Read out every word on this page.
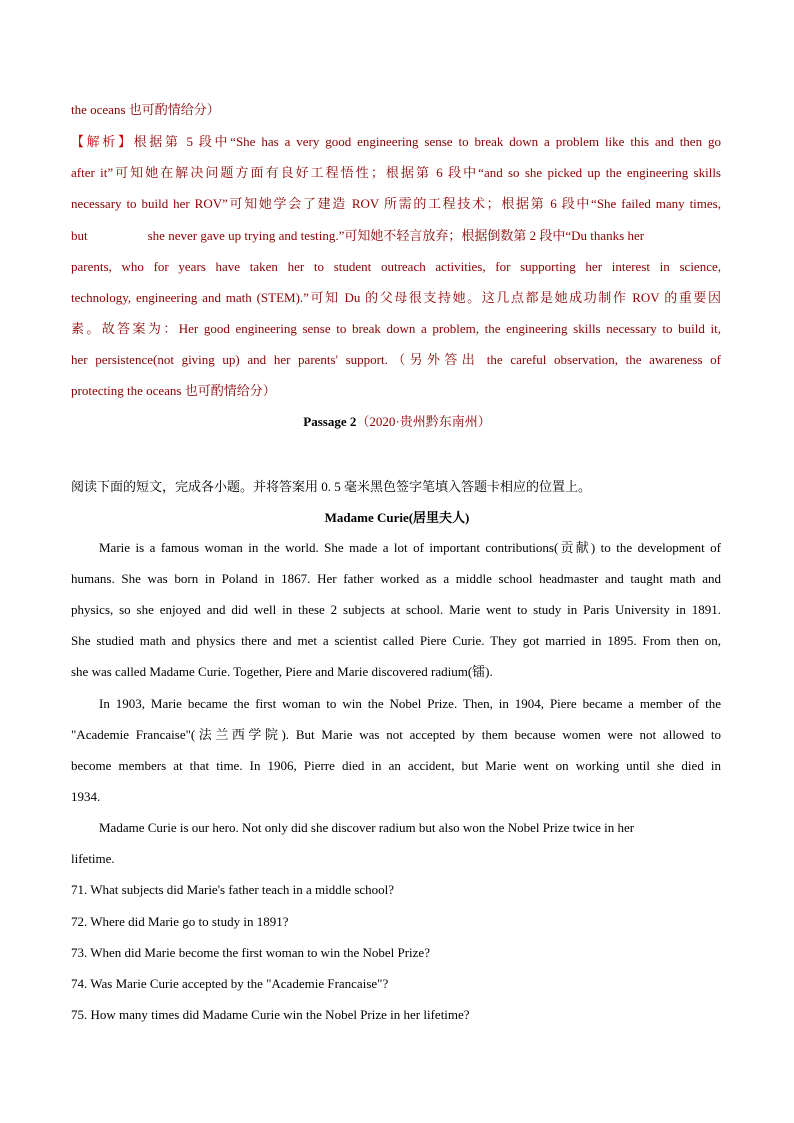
the oceans 也可酌情给分）
【解析】根据第 5 段中“She has a very good engineering sense to break down a problem like this and then go
after it”可知她在解决问题方面有良好工程悟性；根据第 6 段中“and so she picked up the engineering skills
necessary to build her ROV”可知她学会了建造 ROV 所需的工程技术；根据第 6 段中“She failed many times,
but	she never gave up trying and testing.”可知她不轻言放弃；根据倒数第 2 段中“Du thanks her
parents, who for years have taken her to student outreach activities, for supporting her interest in science,
technology, engineering and math (STEM).”可知 Du 的父母很支持她。这几点都是她成功制作 ROV 的重要因
素。故答案为：Her good engineering sense to break down a problem, the engineering skills necessary to build it,
her persistence(not giving up) and her parents' support.（另外答出 the careful observation, the awareness of
protecting the oceans 也可酌情给分）
Passage 2（2020·贵州黔东南州）
阅读下面的短文，完成各小题。并将答案用 0. 5 毫米黑色签字笔填入答题卡相应的位置上。
Madame Curie(居里夫人)
Marie is a famous woman in the world. She made a lot of important contributions(贡献) to the development of
humans. She was born in Poland in 1867. Her father worked as a middle school headmaster and taught math and
physics, so she enjoyed and did well in these 2 subjects at school. Marie went to study in Paris University in 1891.
She studied math and physics there and met a scientist called Piere Curie. They got married in 1895. From then on,
she was called Madame Curie. Together, Piere and Marie discovered radium(镭).
In 1903, Marie became the first woman to win the Nobel Prize. Then, in 1904, Piere became a member of the
"Academie Francaise"(法兰西学院). But Marie was not accepted by them because women were not allowed to
become members at that time. In 1906, Pierre died in an accident, but Marie went on working until she died in
1934.
Madame Curie is our hero. Not only did she discover radium but also won the Nobel Prize twice in her
lifetime.
71. What subjects did Marie's father teach in a middle school?
72. Where did Marie go to study in 1891?
73. When did Marie become the first woman to win the Nobel Prize?
74. Was Marie Curie accepted by the "Academie Francaise"?
75. How many times did Madame Curie win the Nobel Prize in her lifetime?
